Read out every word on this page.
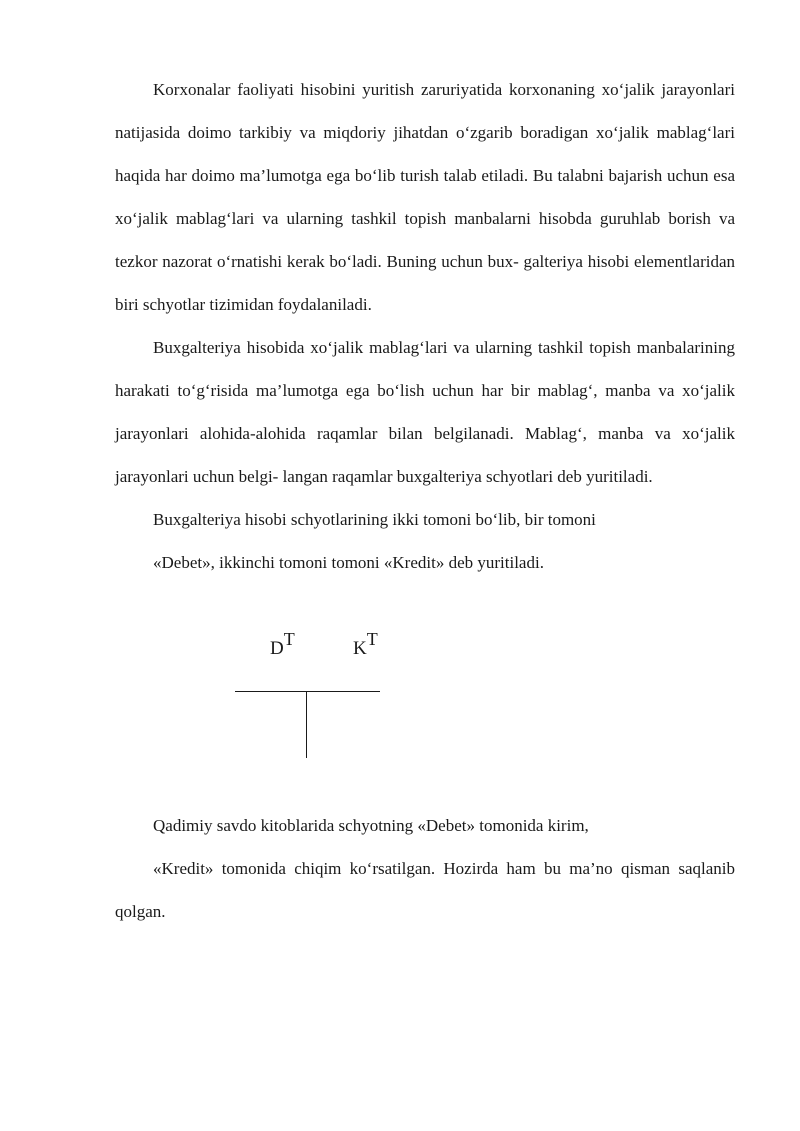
Korxonalar faoliyati hisobini yuritish zaruriyatida korxonaning xo‘jalik jarayonlari natijasida doimo tarkibiy va miqdoriy jihatdan o‘zgarib boradigan xo‘jalik mablag‘lari haqida har doimo ma’lumotga ega bo‘lib turish talab etiladi. Bu talabni bajarish uchun esa xo‘jalik mablag‘lari va ularning tashkil topish manbalarni hisobda guruhlab borish va tezkor nazorat o‘rnatishi kerak bo‘ladi. Buning uchun bux- galteriya hisobi elementlaridan biri schyotlar tizimidan foydalaniladi.

Buxgalteriya hisobida xo‘jalik mablag‘lari va ularning tashkil topish manbalarining harakati to‘g‘risida ma’lumotga ega bo‘lish uchun har bir mablag‘, manba va xo‘jalik jarayonlari alohida-alohida raqamlar bilan belgilanadi. Mablag‘, manba va xo‘jalik jarayonlari uchun belgi- langan raqamlar buxgalteriya schyotlari deb yuritiladi.

Buxgalteriya hisobi schyotlarining ikki tomoni bo‘lib, bir tomoni
«Debet», ikkinchi tomoni tomoni «Kredit» deb yuritiladi.
$D^T$	$K^T$
Qadimiy savdo kitoblarida schyotning «Debet» tomonida kirim,

«Kredit» tomonida chiqim ko‘rsatilgan. Hozirda ham bu ma’no qisman saqlanib qolgan.
